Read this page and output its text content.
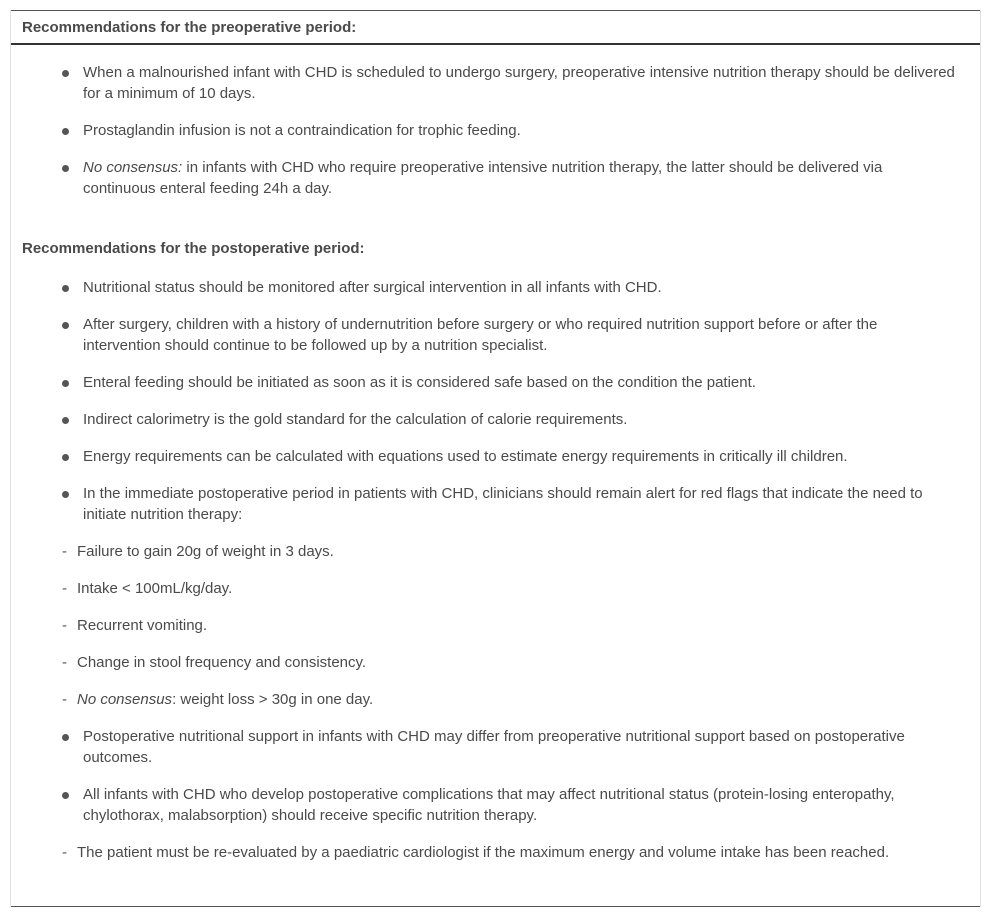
Recommendations for the preoperative period:
When a malnourished infant with CHD is scheduled to undergo surgery, preoperative intensive nutrition therapy should be delivered for a minimum of 10 days.
Prostaglandin infusion is not a contraindication for trophic feeding.
No consensus: in infants with CHD who require preoperative intensive nutrition therapy, the latter should be delivered via continuous enteral feeding 24h a day.
Recommendations for the postoperative period:
Nutritional status should be monitored after surgical intervention in all infants with CHD.
After surgery, children with a history of undernutrition before surgery or who required nutrition support before or after the intervention should continue to be followed up by a nutrition specialist.
Enteral feeding should be initiated as soon as it is considered safe based on the condition the patient.
Indirect calorimetry is the gold standard for the calculation of calorie requirements.
Energy requirements can be calculated with equations used to estimate energy requirements in critically ill children.
In the immediate postoperative period in patients with CHD, clinicians should remain alert for red flags that indicate the need to initiate nutrition therapy:
- Failure to gain 20g of weight in 3 days.
- Intake < 100mL/kg/day.
- Recurrent vomiting.
- Change in stool frequency and consistency.
- No consensus: weight loss > 30g in one day.
Postoperative nutritional support in infants with CHD may differ from preoperative nutritional support based on postoperative outcomes.
All infants with CHD who develop postoperative complications that may affect nutritional status (protein-losing enteropathy, chylothorax, malabsorption) should receive specific nutrition therapy.
- The patient must be re-evaluated by a paediatric cardiologist if the maximum energy and volume intake has been reached.
